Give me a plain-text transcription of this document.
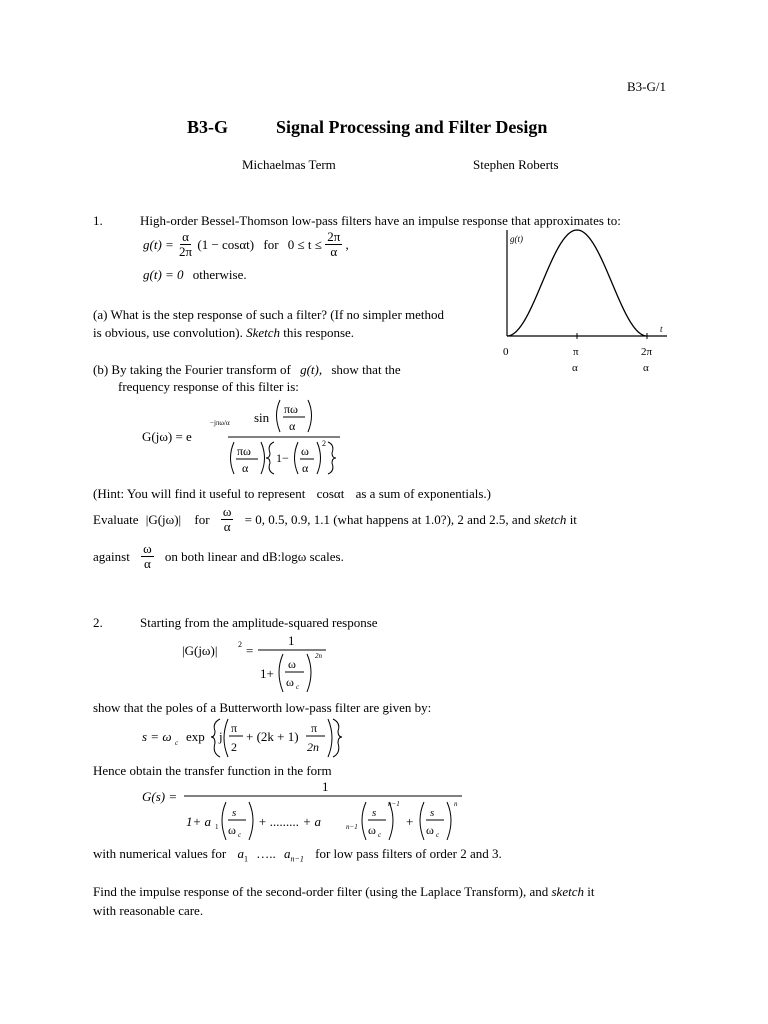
B3-G/1
B3-G	Signal Processing and Filter Design
Michaelmas Term	Stephen Roberts
1.	High-order Bessel-Thomson low-pass filters have an impulse response that approximates to:
$g(t) = \frac{\alpha}{2\pi} (1 - \cos\alpha t)$ for $0 \le t \le \frac{2\pi}{\alpha}$ ,
g(t) = 0 otherwise.
(a) What is the step response of such a filter? (If no simpler method
is obvious, use convolution). Sketch this response.
(b) By taking the Fourier transform of g(t), show that the
frequency response of this filter is:
G(jω) = e
−jπω/α sin
πω
α
πω
α
1− ω
α
2
(Hint: You will find it useful to represent cosαt as a sum of exponentials.)
Evaluate |G(jω)| for $\frac{\omega}{\alpha} = 0$, 0.5, 0.9, 1.1 (what happens at 1.0?), 2 and 2.5, and sketch it
against $\frac{\omega}{\alpha}$ on both linear and dB:logω scales.
g(t)
t
0	π
α
2π
α
2.	Starting from the amplitude-squared response
|G(jω)|	2 =
1
1+
ω
ω c
2n
show that the poles of a Butterworth low-pass filter are given by:
s = ω c exp j
π
2
+ (2k + 1)
π
2n
Hence obtain the transfer function in the form
G(s) =
1
1+ a 1
s
ω c
+ ......... + a	n−1
s
ω c
n−1
+
s
ω c
n
with numerical values for $a_1$ ….. $a_{n-1}$ for low pass filters of order 2 and 3.
Find the impulse response of the second-order filter (using the Laplace Transform), and sketch it
with reasonable care.
